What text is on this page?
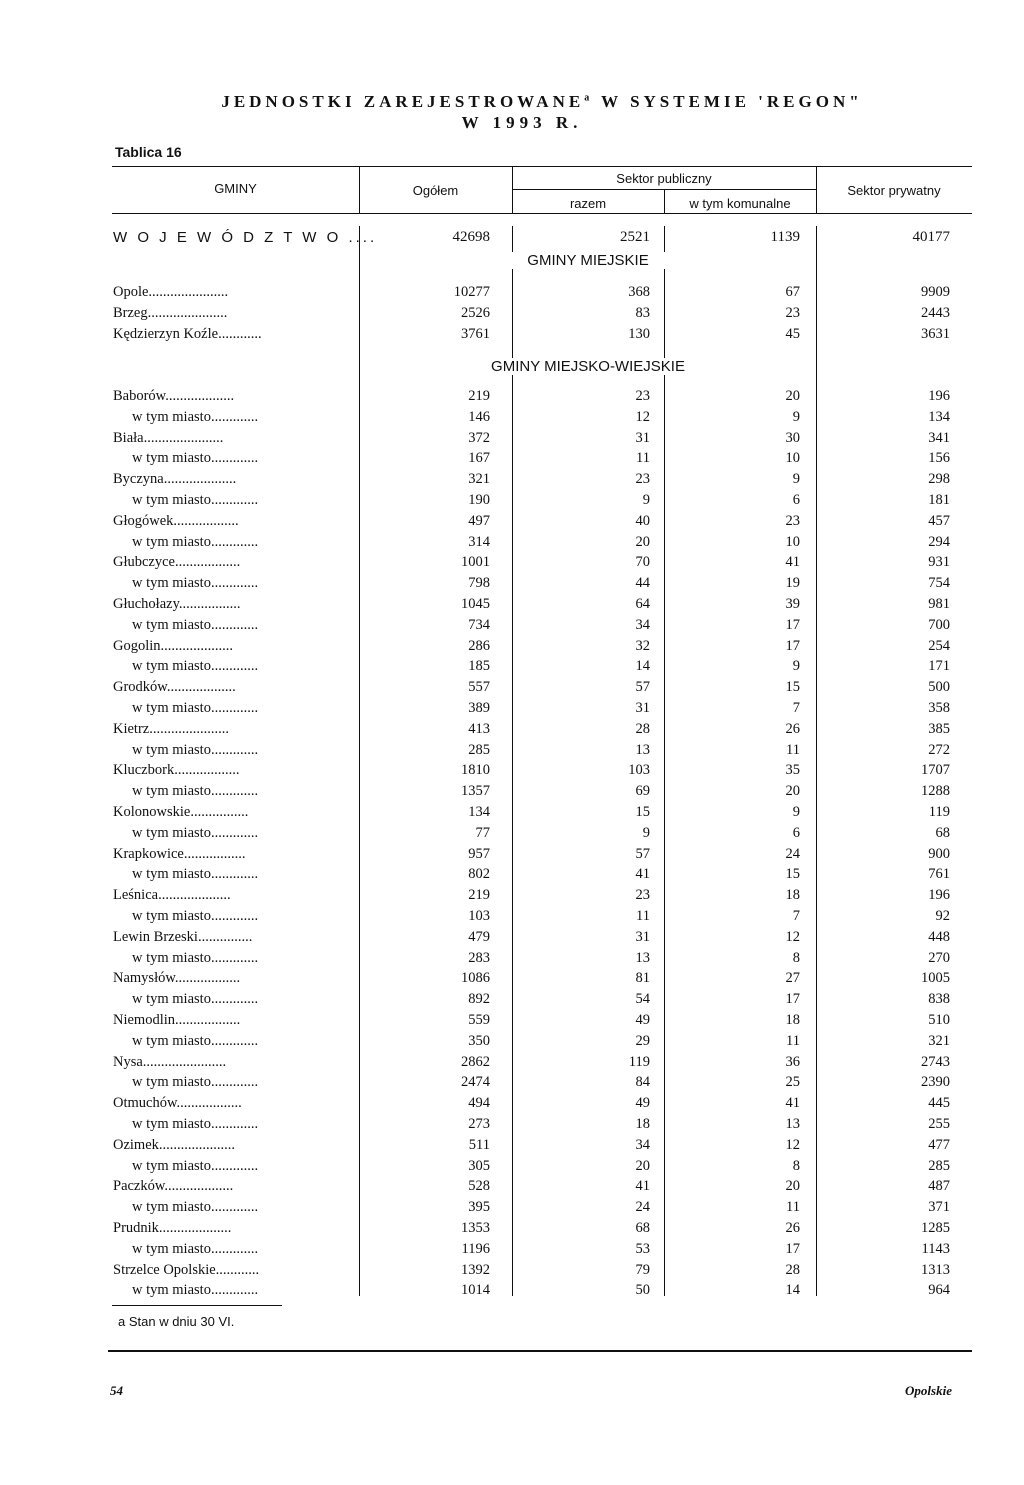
JEDNOSTKI ZAREJESTROWANE$^a$ W SYSTEMIE 'REGON"
W 1993 R.
Tablica 16
GMINY	Ogółem
Sektor publiczny
razem	w tym komunalne
Sektor prywatny
W O J E W Ó D Z T W O ....	42698	2521	1139	40177
GMINY MIEJSKIE
Opole......................	10277	368	67	9909
Brzeg......................	2526	83	23	2443
Kędzierzyn Koźle............	3761	130	45	3631
GMINY MIEJSKO-WIEJSKIE
Baborów...................	219	23	20	196
w tym miasto.............	146	12	9	134
Biała......................	372	31	30	341
w tym miasto.............	167	11	10	156
Byczyna....................	321	23	9	298
w tym miasto.............	190	9	6	181
Głogówek..................	497	40	23	457
w tym miasto.............	314	20	10	294
Głubczyce..................	1001	70	41	931
w tym miasto.............	798	44	19	754
Głuchołazy.................	1045	64	39	981
w tym miasto.............	734	34	17	700
Gogolin....................	286	32	17	254
w tym miasto.............	185	14	9	171
Grodków...................	557	57	15	500
w tym miasto.............	389	31	7	358
Kietrz......................	413	28	26	385
w tym miasto.............	285	13	11	272
Kluczbork..................	1810	103	35	1707
w tym miasto.............	1357	69	20	1288
Kolonowskie................	134	15	9	119
w tym miasto.............	77	9	6	68
Krapkowice.................	957	57	24	900
w tym miasto.............	802	41	15	761
Leśnica....................	219	23	18	196
w tym miasto.............	103	11	7	92
Lewin Brzeski...............	479	31	12	448
w tym miasto.............	283	13	8	270
Namysłów..................	1086	81	27	1005
w tym miasto.............	892	54	17	838
Niemodlin..................	559	49	18	510
w tym miasto.............	350	29	11	321
Nysa.......................	2862	119	36	2743
w tym miasto.............	2474	84	25	2390
Otmuchów..................	494	49	41	445
w tym miasto.............	273	18	13	255
Ozimek.....................	511	34	12	477
w tym miasto.............	305	20	8	285
Paczków...................	528	41	20	487
w tym miasto.............	395	24	11	371
Prudnik....................	1353	68	26	1285
w tym miasto.............	1196	53	17	1143
Strzelce Opolskie............	1392	79	28	1313
w tym miasto.............	1014	50	14	964
a Stan w dniu 30 VI.
54	Opolskie
